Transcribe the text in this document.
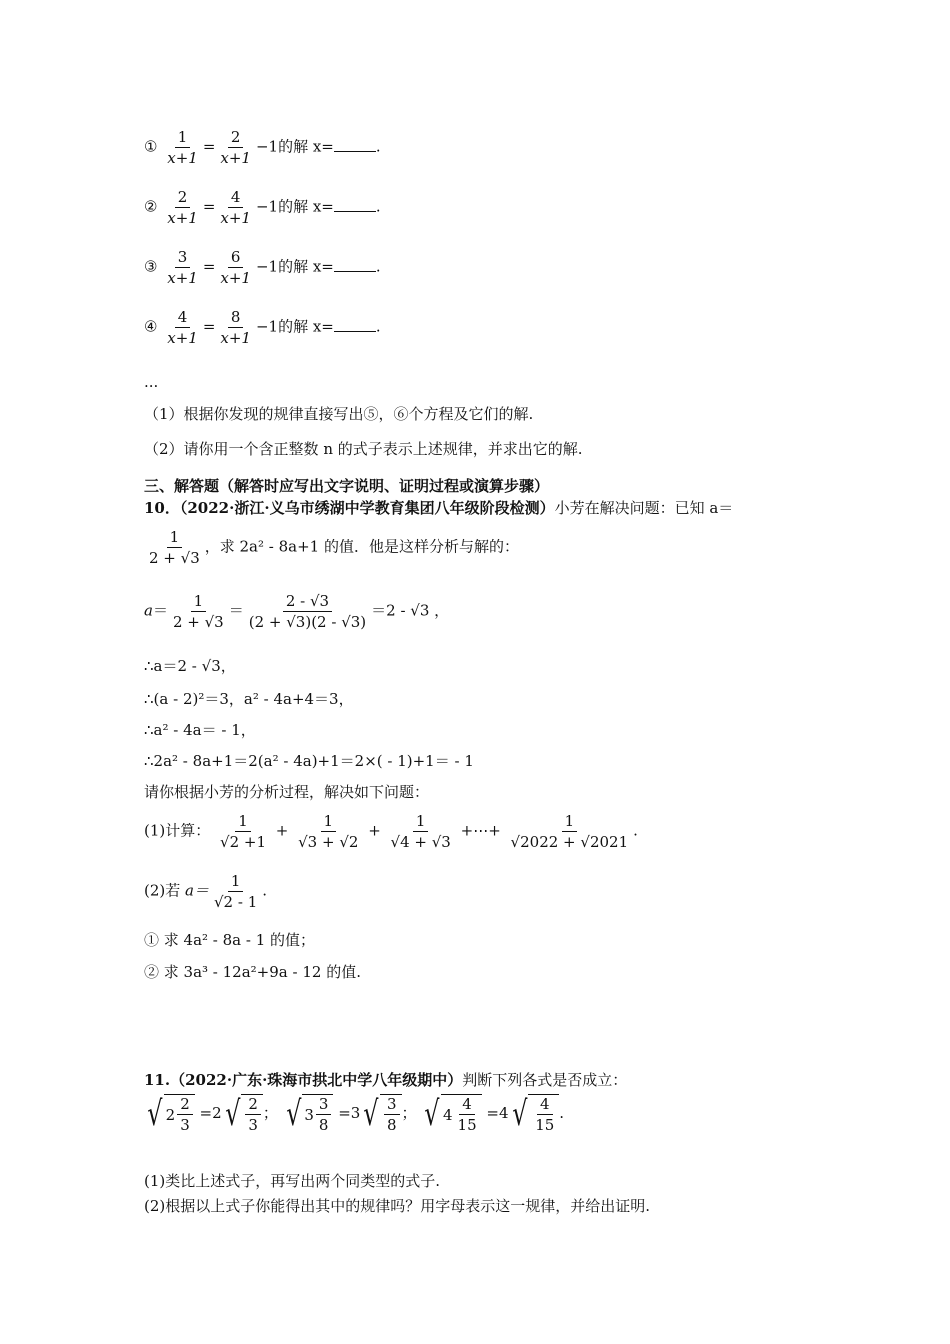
① $\frac{1}{x+1} = \frac{2}{x+1} -1$的解 x=	.
② $\frac{2}{x+1} = \frac{4}{x+1} -1$的解 x=	.
③ $\frac{3}{x+1} = \frac{6}{x+1} -1$的解 x=	.
④ $\frac{4}{x+1} = \frac{8}{x+1} -1$的解 x=	.
...
（1）根据你发现的规律直接写出⑤，⑥个方程及它们的解.
（2）请你用一个含正整数 n 的式子表示上述规律，并求出它的解.
三、解答题（解答时应写出文字说明、证明过程或演算步骤）
10．（2022·浙江·义乌市绣湖中学教育集团八年级阶段检测）小芳在解决问题：已知 a＝
$\frac{1}{2 + √3}$ ，求 2a² - 8a+1 的值．他是这样分析与解的：
$a= \frac{1}{2 + √3} = \frac{2 - √3}{(2 + √3)(2 - √3)} =2 - √3$ ，
∴a＝2 - √3，
∴(a - 2)²＝3，a² - 4a+4＝3，
∴a² - 4a＝ - 1，
∴2a² - 8a+1＝2(a² - 4a)+1＝2×( - 1)+1＝ - 1
请你根据小芳的分析过程，解决如下问题：
(1)计算： $\frac{1}{√2 +1} + \frac{1}{√3 + √2} + \frac{1}{√4 + √3}$ +⋯+ $\frac{1}{√2022 + √2021}$ .
(2)若 $a= \frac{1}{√2 - 1}$ .
① 求 4a² - 8a - 1 的值；
② 求 3a³ - 12a²+9a - 12 的值.
11.（2022·广东·珠海市拱北中学八年级期中）判断下列各式是否成立：
√ $2 \frac{2}{3} =2$ √ $\frac{2}{3}$ ； √ $3 \frac{3}{8} =3$ √ $\frac{3}{8}$ ； √ $4 \frac{4}{15} =4$ √ $\frac{4}{15}$ .
(1)类比上述式子，再写出两个同类型的式子.
(2)根据以上式子你能得出其中的规律吗？用字母表示这一规律，并给出证明.
